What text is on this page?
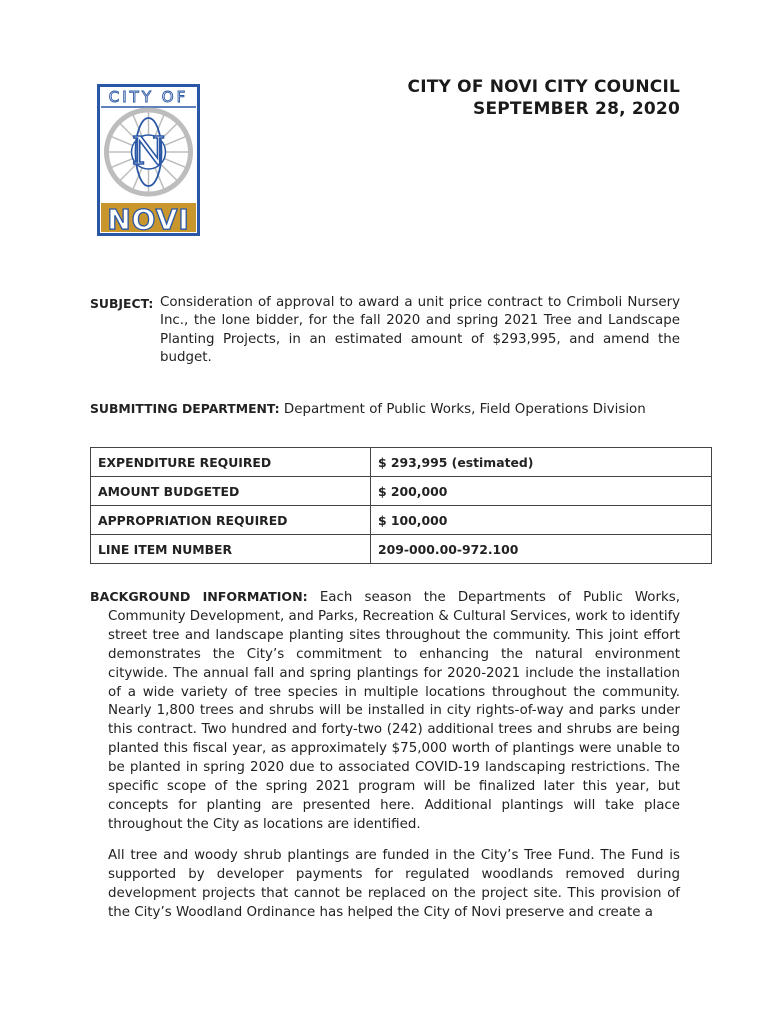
CITY OF
N
NOVI
CITY OF NOVI CITY COUNCIL
SEPTEMBER 28, 2020
SUBJECT: Consideration of approval to award a unit price contract to Crimboli Nursery Inc., the lone bidder, for the fall 2020 and spring 2021 Tree and Landscape Planting Projects, in an estimated amount of $293,995, and amend the budget.
SUBMITTING DEPARTMENT: Department of Public Works, Field Operations Division
EXPENDITURE REQUIRED	$ 293,995 (estimated)
AMOUNT BUDGETED	$ 200,000
APPROPRIATION REQUIRED	$ 100,000
LINE ITEM NUMBER	209-000.00-972.100

BACKGROUND INFORMATION: Each season the Departments of Public Works, Community Development, and Parks, Recreation & Cultural Services, work to identify street tree and landscape planting sites throughout the community. This joint effort demonstrates the City’s commitment to enhancing the natural environment citywide. The annual fall and spring plantings for 2020-2021 include the installation of a wide variety of tree species in multiple locations throughout the community. Nearly 1,800 trees and shrubs will be installed in city rights-of-way and parks under this contract. Two hundred and forty-two (242) additional trees and shrubs are being planted this fiscal year, as approximately $75,000 worth of plantings were unable to be planted in spring 2020 due to associated COVID-19 landscaping restrictions. The specific scope of the spring 2021 program will be finalized later this year, but concepts for planting are presented here. Additional plantings will take place throughout the City as locations are identified.

All tree and woody shrub plantings are funded in the City’s Tree Fund. The Fund is supported by developer payments for regulated woodlands removed during development projects that cannot be replaced on the project site. This provision of the City’s Woodland Ordinance has helped the City of Novi preserve and create a
